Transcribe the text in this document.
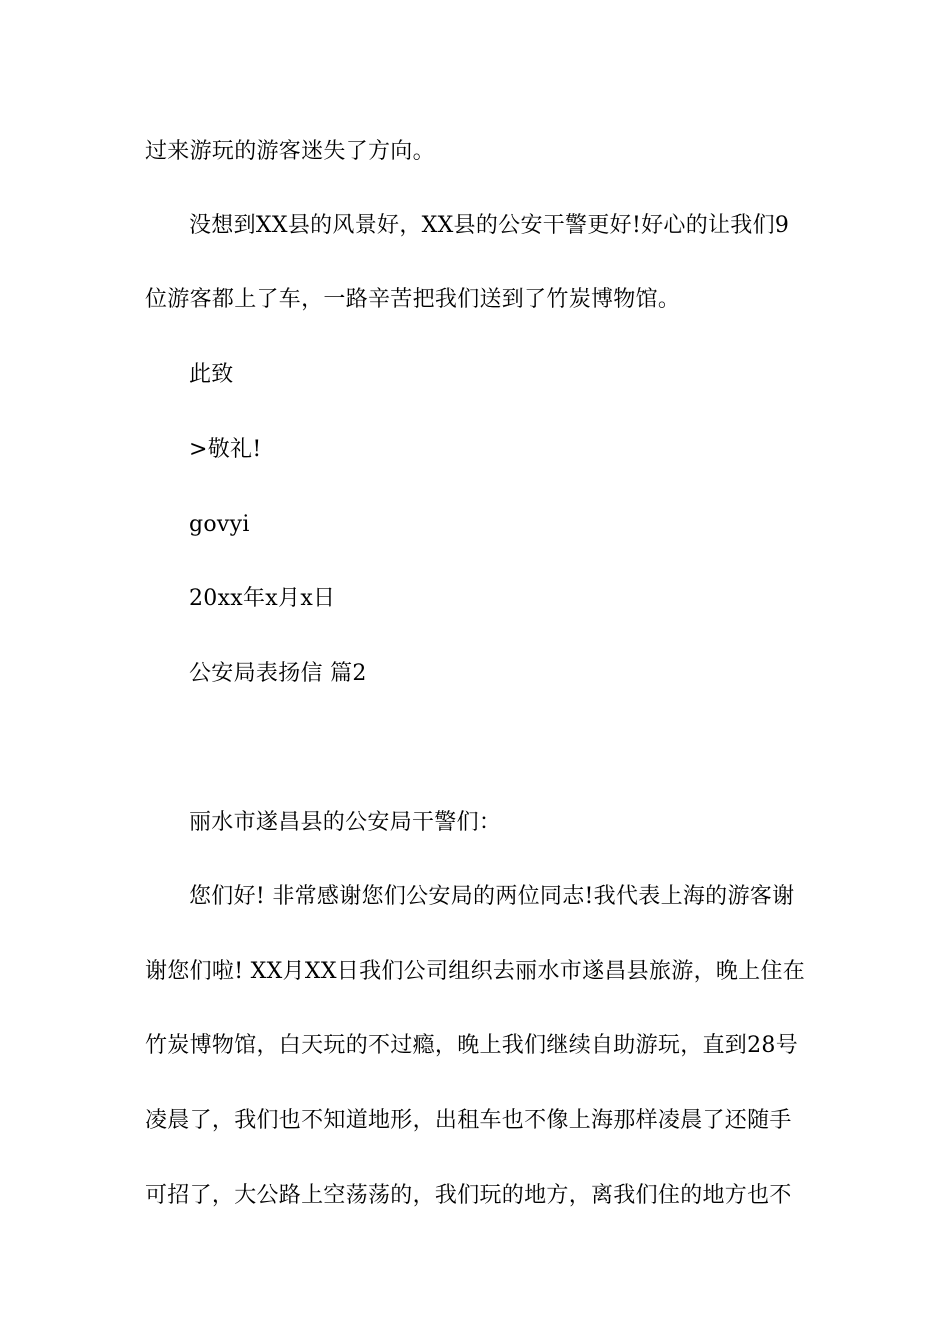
过来游玩的游客迷失了方向。
没想到XX县的风景好，XX县的公安干警更好!好心的让我们9
位游客都上了车，一路辛苦把我们送到了竹炭博物馆。
此致
>敬礼!
govyi
20xx年x月x日
公安局表扬信 篇2
丽水市遂昌县的公安局干警们：
您们好! 非常感谢您们公安局的两位同志!我代表上海的游客谢
谢您们啦! XX月XX日我们公司组织去丽水市遂昌县旅游，晚上住在
竹炭博物馆，白天玩的不过瘾，晚上我们继续自助游玩，直到28号
凌晨了，我们也不知道地形，出租车也不像上海那样凌晨了还随手
可招了，大公路上空荡荡的，我们玩的地方，离我们住的地方也不
